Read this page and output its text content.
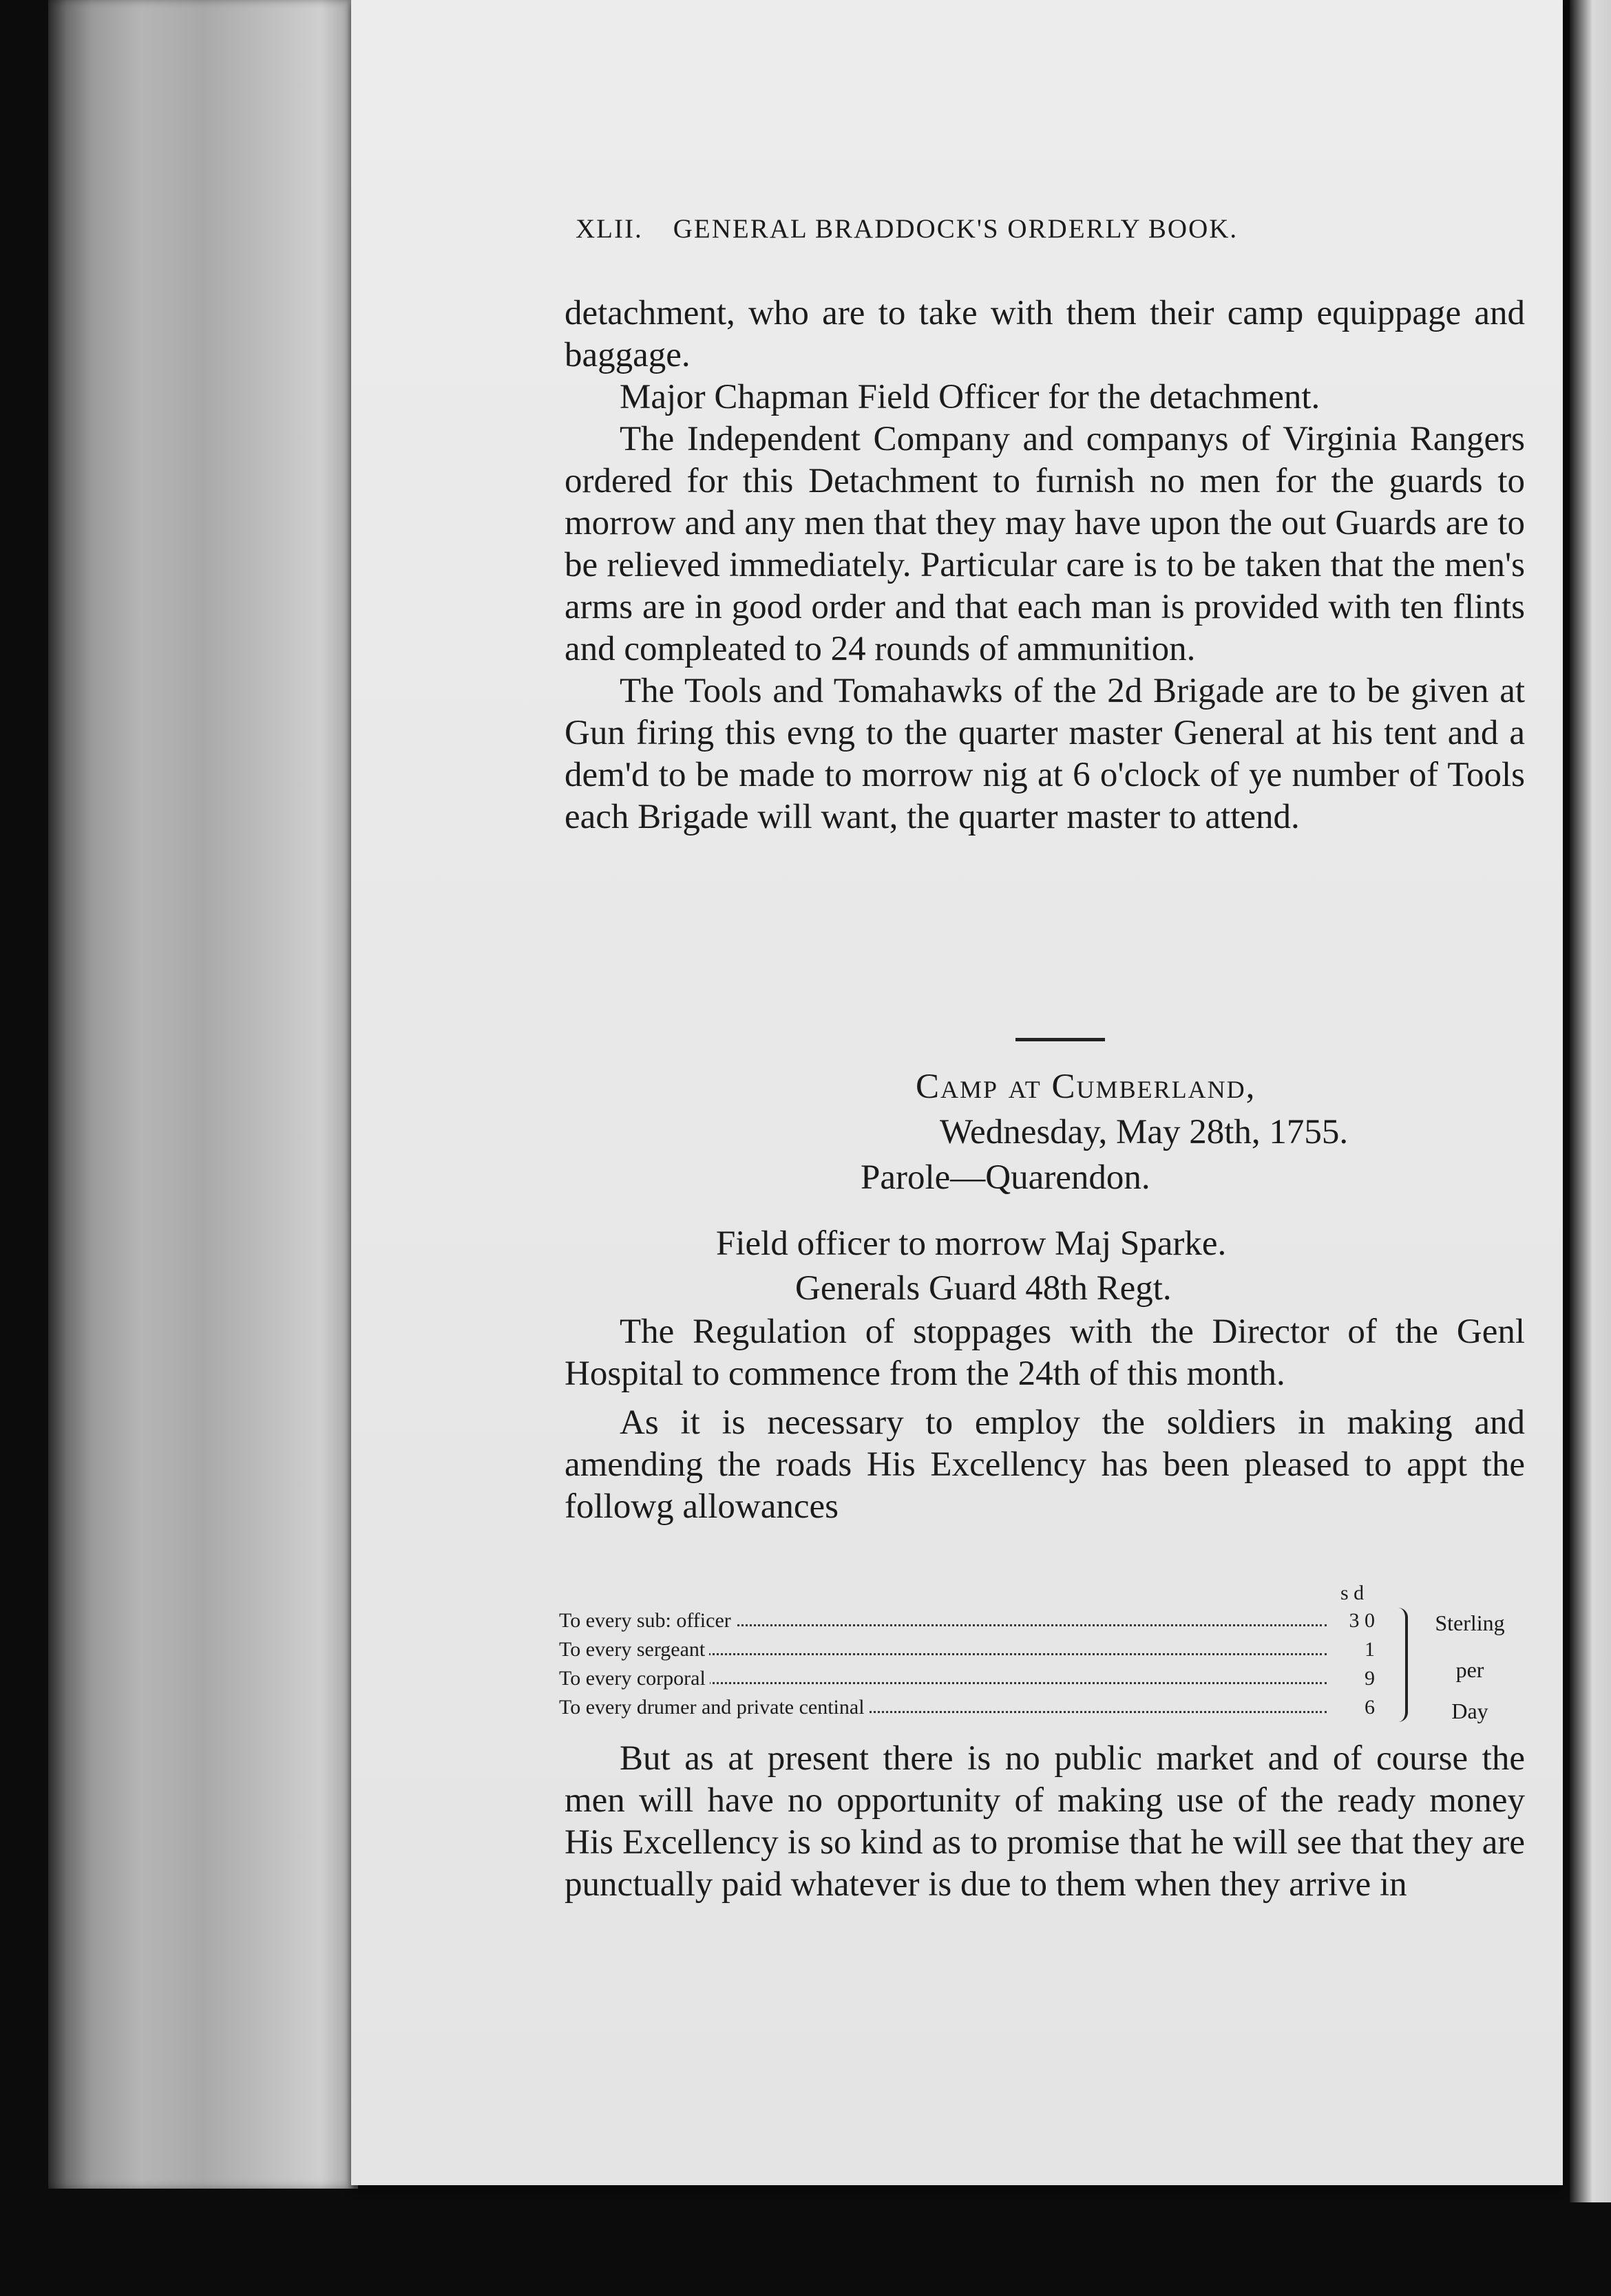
XLII. GENERAL BRADDOCK'S ORDERLY BOOK.

detachment, who are to take with them their camp equippage and baggage.

Major Chapman Field Officer for the detachment.

The Independent Company and companys of Virginia Rangers ordered for this Detachment to furnish no men for the guards to morrow and any men that they may have upon the out Guards are to be relieved immediately. Particular care is to be taken that the men's arms are in good order and that each man is provided with ten flints and compleated to 24 rounds of ammunition.

The Tools and Tomahawks of the 2d Brigade are to be given at Gun firing this evng to the quarter master General at his tent and a dem'd to be made to morrow nig at 6 o'clock of ye number of Tools each Brigade will want, the quarter master to attend.

Camp at Cumberland,
Wednesday, May 28th, 1755.
Parole—Quarendon.
Field officer to morrow Maj Sparke.
Generals Guard 48th Regt.

The Regulation of stoppages with the Director of the Genl Hospital to commence from the 24th of this month.

As it is necessary to employ the soldiers in making and amending the roads His Excellency has been pleased to appt the followg allowances

s d
To every sub: officer	3 0
To every sergeant	1
To every corporal	9
To every drumer and private centinal	6
Sterling
per
Day

But as at present there is no public market and of course the men will have no opportunity of making use of the ready money His Excellency is so kind as to promise that he will see that they are punctually paid whatever is due to them when they arrive in
